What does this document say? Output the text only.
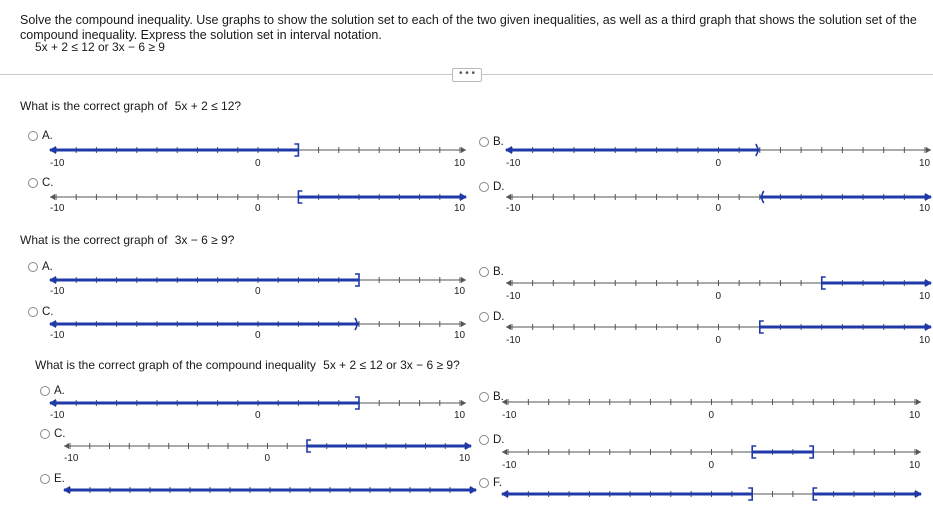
Solve the compound inequality. Use graphs to show the solution set to each of the two given inequalities, as well as a third graph that shows the solution set of the compound inequality. Express the solution set in interval notation.
5x + 2 ≤ 12 or 3x − 6 ≥ 9
• • •
What is the correct graph of 5x + 2 ≤ 12?
A.	B.
C.	D.
What is the correct graph of 3x − 6 ≥ 9?
A.	B.
C.	D.
What is the correct graph of the compound inequality 5x + 2 ≤ 12 or 3x − 6 ≥ 9?
A.	B.
C.	D.
E.	F.
-10	0	10	-10	0	10
-10	0	10	-10	0	10
-10	0	10	-10	0	10
-10	0	10	-10	0	10
-10	0	10	-10	0	10
-10	0	10
-10	0	10
